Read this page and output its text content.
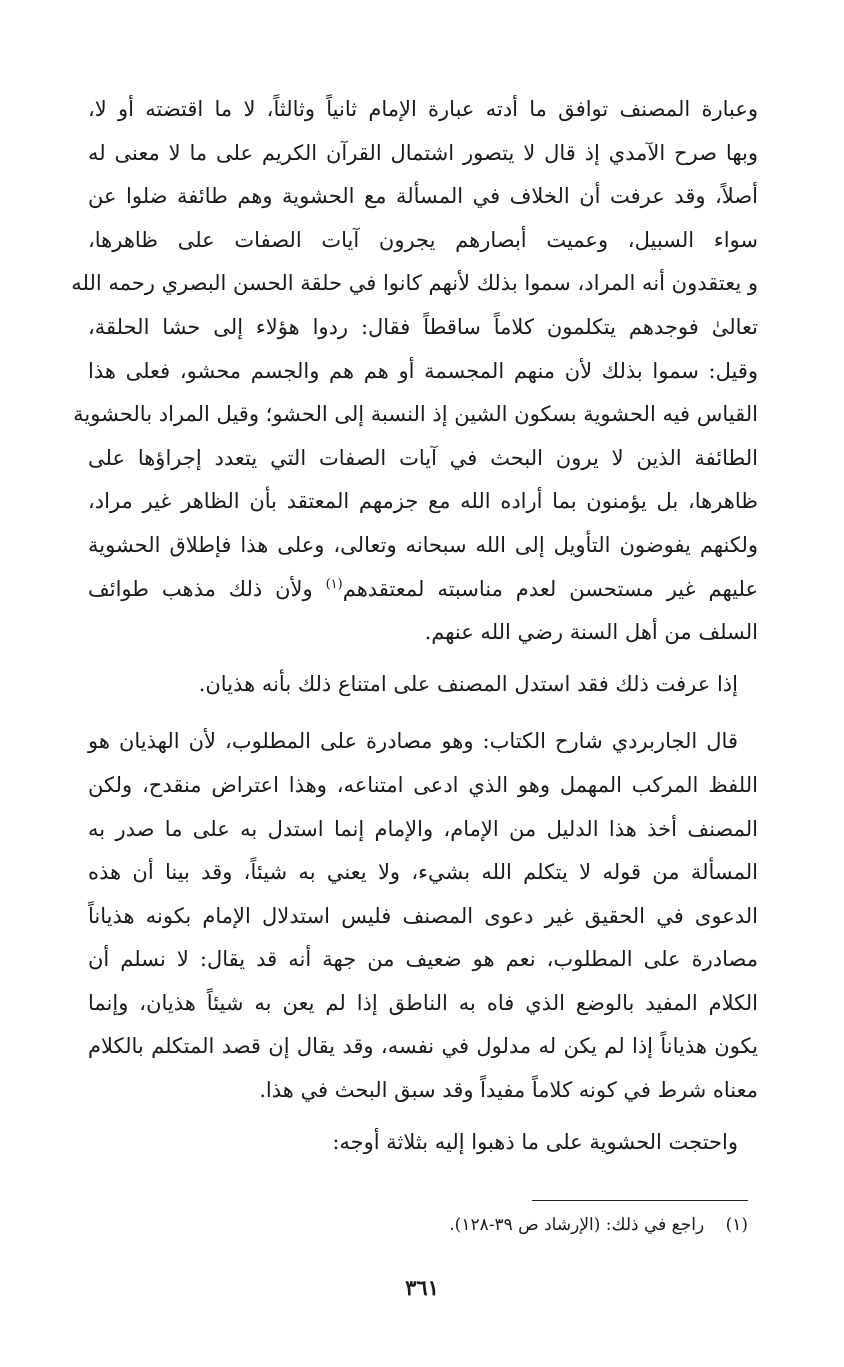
وعبارة المصنف توافق ما أدته عبارة الإمام ثانياً وثالثاً، لا ما اقتضته أو لا،
وبها صرح الآمدي إذ قال لا يتصور اشتمال القرآن الكريم على ما لا معنى له
أصلاً، وقد عرفت أن الخلاف في المسألة مع الحشوية وهم طائفة ضلوا عن
سواء السبيل، وعميت أبصارهم يجرون آيات الصفات على ظاهرها،
و يعتقدون أنه المراد، سموا بذلك لأنهم كانوا في حلقة الحسن البصري رحمه الله
تعالىٰ فوجدهم يتكلمون كلاماً ساقطاً فقال: ردوا هؤلاء إلى حشا الحلقة،
وقيل: سموا بذلك لأن منهم المجسمة أو هم هم والجسم محشو، فعلى هذا
القياس فيه الحشوية بسكون الشين إذ النسبة إلى الحشو؛ وقيل المراد بالحشوية
الطائفة الذين لا يرون البحث في آيات الصفات التي يتعدد إجراؤها على
ظاهرها، بل يؤمنون بما أراده الله مع جزمهم المعتقد بأن الظاهر غير مراد،
ولكنهم يفوضون التأويل إلى الله سبحانه وتعالى، وعلى هذا فإطلاق الحشوية
عليهم غير مستحسن لعدم مناسبته لمعتقدهم$^{(١)}$ ولأن ذلك مذهب طوائف
السلف من أهل السنة رضي الله عنهم.

إذا عرفت ذلك فقد استدل المصنف على امتناع ذلك بأنه هذيان.

قال الجاربردي شارح الكتاب: وهو مصادرة على المطلوب، لأن الهذيان هو
اللفظ المركب المهمل وهو الذي ادعى امتناعه، وهذا اعتراض منقدح، ولكن
المصنف أخذ هذا الدليل من الإمام، والإمام إنما استدل به على ما صدر به
المسألة من قوله لا يتكلم الله بشيء، ولا يعني به شيئاً، وقد بينا أن هذه
الدعوى في الحقيق غير دعوى المصنف فليس استدلال الإمام بكونه هذياناً
مصادرة على المطلوب، نعم هو ضعيف من جهة أنه قد يقال: لا نسلم أن
الكلام المفيد بالوضع الذي فاه به الناطق إذا لم يعن به شيئاً هذيان، وإنما
يكون هذياناً إذا لم يكن له مدلول في نفسه، وقد يقال إن قصد المتكلم بالكلام
معناه شرط في كونه كلاماً مفيداً وقد سبق البحث في هذا.

واحتجت الحشوية على ما ذهبوا إليه بثلاثة أوجه:

(١) راجع في ذلك: (الإرشاد ص ٣٩-١٢٨).
٣٦١
